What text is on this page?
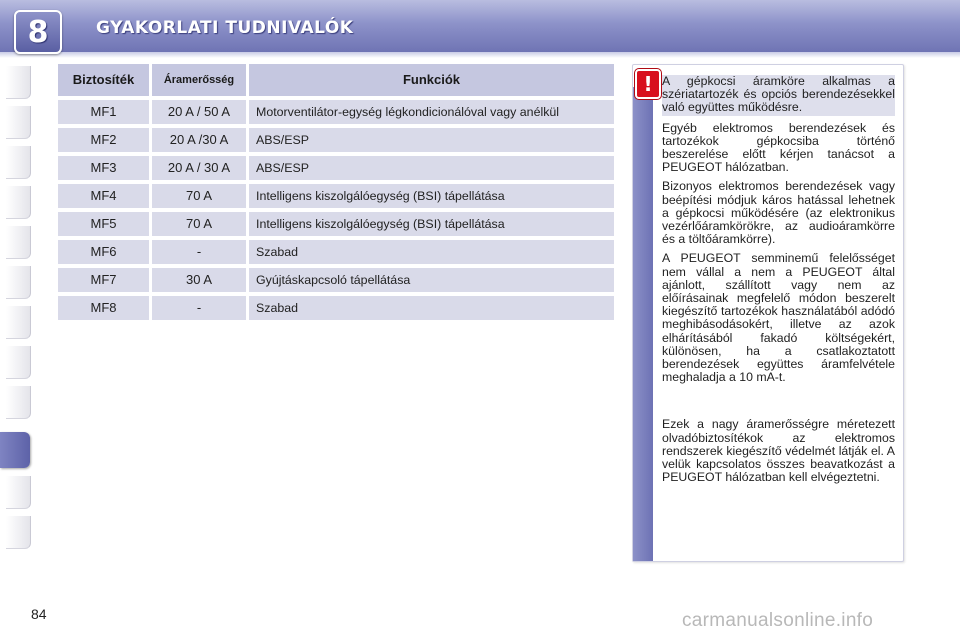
8	GYAKORLATI TUDNIVALÓK
Biztosíték	Áramerősség	Funkciók
MF1	20 A / 50 A	Motorventilátor-egység légkondicionálóval vagy anélkül
MF2	20 A /30 A	ABS/ESP
MF3	20 A / 30 A	ABS/ESP
MF4	70 A	Intelligens kiszolgálóegység (BSI) tápellátása
MF5	70 A	Intelligens kiszolgálóegység (BSI) tápellátása
MF6	-	Szabad
MF7	30 A	Gyújtáskapcsoló tápellátása
MF8	-	Szabad
! A gépkocsi áramköre alkalmas a szériatartozék és opciós berendezésekkel való együttes működésre.

Egyéb elektromos berendezések és tartozékok gépkocsiba történő beszerelése előtt kérjen tanácsot a PEUGEOT hálózatban.

Bizonyos elektromos berendezések vagy beépítési módjuk káros hatással lehetnek a gépkocsi működésére (az elektronikus vezérlőáramkörökre, az audioáramkörre és a töltőáramkörre).

A PEUGEOT semminemű felelősséget nem vállal a nem a PEUGEOT által ajánlott, szállított vagy nem az előírásainak megfelelő módon beszerelt kiegészítő tartozékok használatából adódó meghibásodásokért, illetve az azok elhárításából fakadó költségekért, különösen, ha a csatlakoztatott berendezések együttes áramfelvétele meghaladja a 10 mA-t.

Ezek a nagy áramerősségre méretezett olvadóbiztosítékok az elektromos rendszerek kiegészítő védelmét látják el. A velük kapcsolatos összes beavatkozást a PEUGEOT hálózatban kell elvégeztetni.

84	carmanualsonline.info
